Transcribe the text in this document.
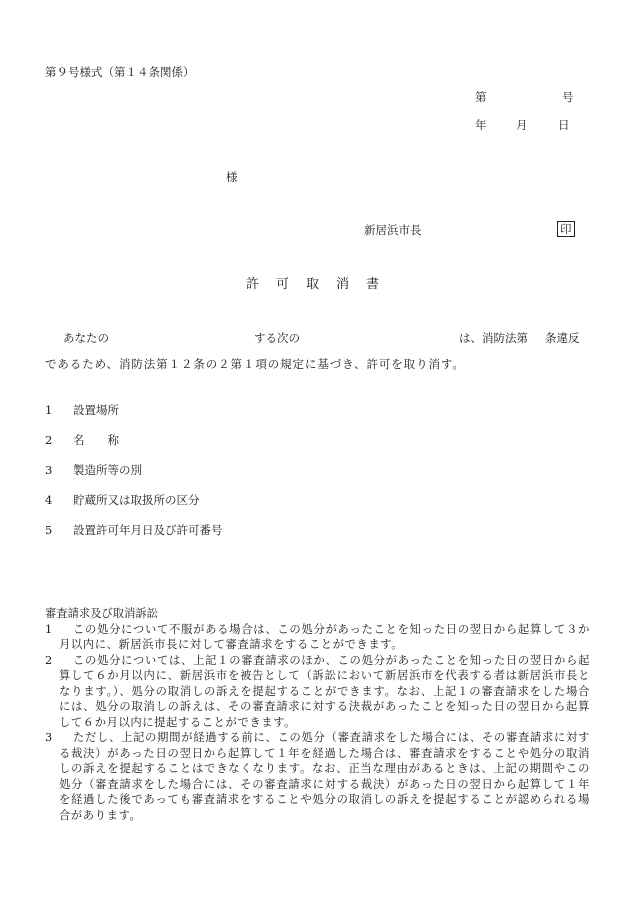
第９号様式（第１４条関係）
第	号
年	月	日
様
新居浜市長	印
許　可　取　消　書
あなたの	する次の	は、消防法第 条違反
であるため、消防法第１２条の２第１項の規定に基づき、許可を取り消す。
1 設置場所
2 名　　称
3 製造所等の別
4 貯蔵所又は取扱所の区分
5 設置許可年月日及び許可番号
審査請求及び取消訴訟
1	この処分について不服がある場合は、この処分があったことを知った日の翌日から起算して３か月以内に、新居浜市長に対して審査請求をすることができます。
2	この処分については、上記１の審査請求のほか、この処分があったことを知った日の翌日から起算して６か月以内に、新居浜市を被告として（訴訟において新居浜市を代表する者は新居浜市長となります。）、処分の取消しの訴えを提起することができます。なお、上記１の審査請求をした場合には、処分の取消しの訴えは、その審査請求に対する決裁があったことを知った日の翌日から起算して６か月以内に提起することができます。
3	ただし、上記の期間が経過する前に、この処分（審査請求をした場合には、その審査請求に対する裁決）があった日の翌日から起算して１年を経過した場合は、審査請求をすることや処分の取消しの訴えを提起することはできなくなります。なお、正当な理由があるときは、上記の期間やこの処分（審査請求をした場合には、その審査請求に対する裁決）があった日の翌日から起算して１年を経過した後であっても審査請求をすることや処分の取消しの訴えを提起することが認められる場合があります。
